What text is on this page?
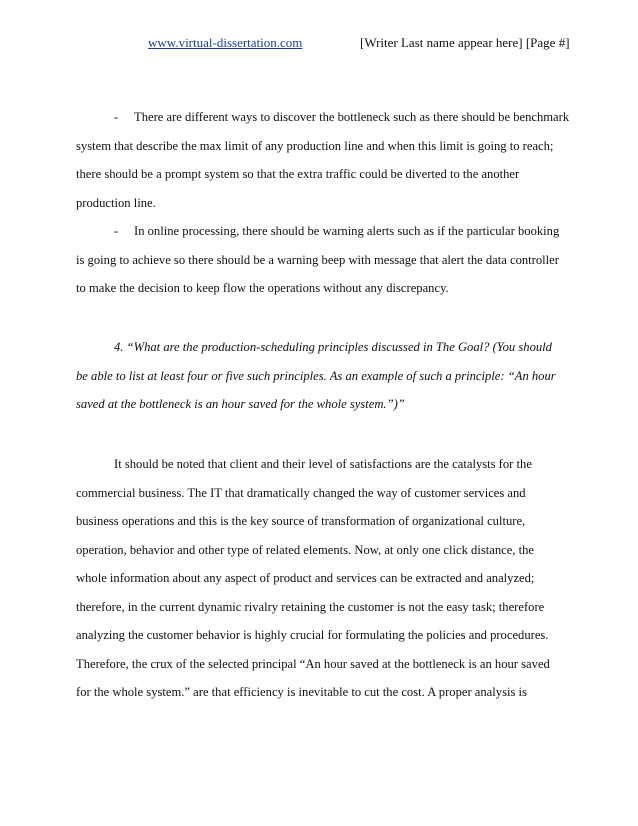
www.virtual-dissertation.com	[Writer Last name appear here] [Page #]
- There are different ways to discover the bottleneck such as there should be benchmark
system that describe the max limit of any production line and when this limit is going to reach;
there should be a prompt system so that the extra traffic could be diverted to the another
production line.
- In online processing, there should be warning alerts such as if the particular booking
is going to achieve so there should be a warning beep with message that alert the data controller
to make the decision to keep flow the operations without any discrepancy.
4. “What are the production-scheduling principles discussed in The Goal? (You should
be able to list at least four or five such principles. As an example of such a principle: “An hour
saved at the bottleneck is an hour saved for the whole system.”)”
It should be noted that client and their level of satisfactions are the catalysts for the
commercial business. The IT that dramatically changed the way of customer services and
business operations and this is the key source of transformation of organizational culture,
operation, behavior and other type of related elements. Now, at only one click distance, the
whole information about any aspect of product and services can be extracted and analyzed;
therefore, in the current dynamic rivalry retaining the customer is not the easy task; therefore
analyzing the customer behavior is highly crucial for formulating the policies and procedures.
Therefore, the crux of the selected principal “An hour saved at the bottleneck is an hour saved
for the whole system.” are that efficiency is inevitable to cut the cost. A proper analysis is
